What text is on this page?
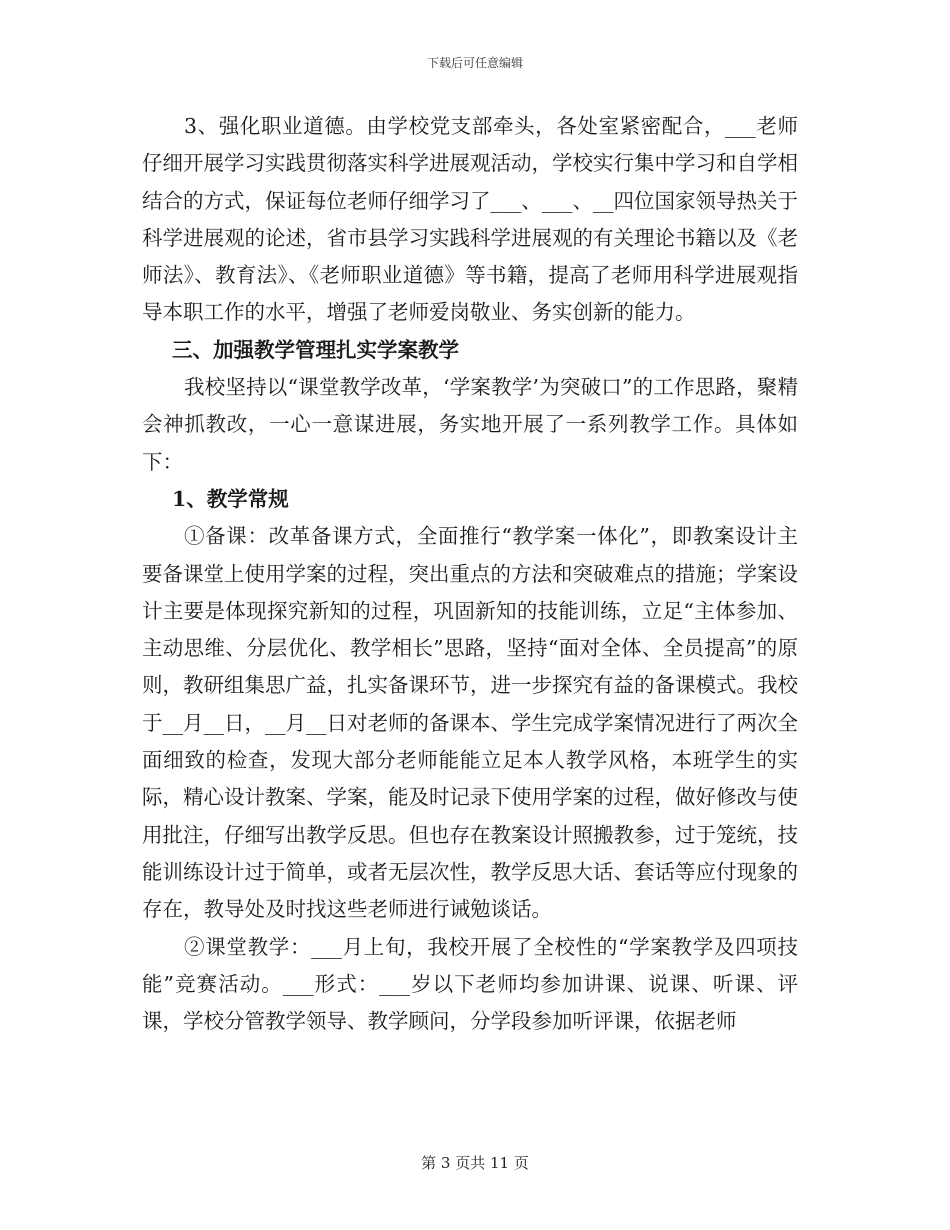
下载后可任意编辑

3、强化职业道德。由学校党支部牵头，各处室紧密配合，___老师仔细开展学习实践贯彻落实科学进展观活动，学校实行集中学习和自学相结合的方式，保证每位老师仔细学习了___、___、__四位国家领导热关于科学进展观的论述，省市县学习实践科学进展观的有关理论书籍以及《老师法》、教育法》、《老师职业道德》等书籍，提高了老师用科学进展观指导本职工作的水平，增强了老师爱岗敬业、务实创新的能力。

三、加强教学管理扎实学案教学

我校坚持以“课堂教学改革，‘学案教学’为突破口”的工作思路，聚精会神抓教改，一心一意谋进展，务实地开展了一系列教学工作。具体如下：

1、教学常规

①备课：改革备课方式，全面推行“教学案一体化”，即教案设计主要备课堂上使用学案的过程，突出重点的方法和突破难点的措施；学案设计主要是体现探究新知的过程，巩固新知的技能训练，立足“主体参加、主动思维、分层优化、教学相长”思路，坚持“面对全体、全员提高”的原则，教研组集思广益，扎实备课环节，进一步探究有益的备课模式。我校于__月__日，__月__日对老师的备课本、学生完成学案情况进行了两次全面细致的检查，发现大部分老师能能立足本人教学风格，本班学生的实际，精心设计教案、学案，能及时记录下使用学案的过程，做好修改与使用批注，仔细写出教学反思。但也存在教案设计照搬教参，过于笼统，技能训练设计过于简单，或者无层次性，教学反思大话、套话等应付现象的存在，教导处及时找这些老师进行诫勉谈话。

②课堂教学：___月上旬，我校开展了全校性的“学案教学及四项技能”竞赛活动。___形式：___岁以下老师均参加讲课、说课、听课、评课，学校分管教学领导、教学顾问，分学段参加听评课，依据老师

第 3 页共 11 页
